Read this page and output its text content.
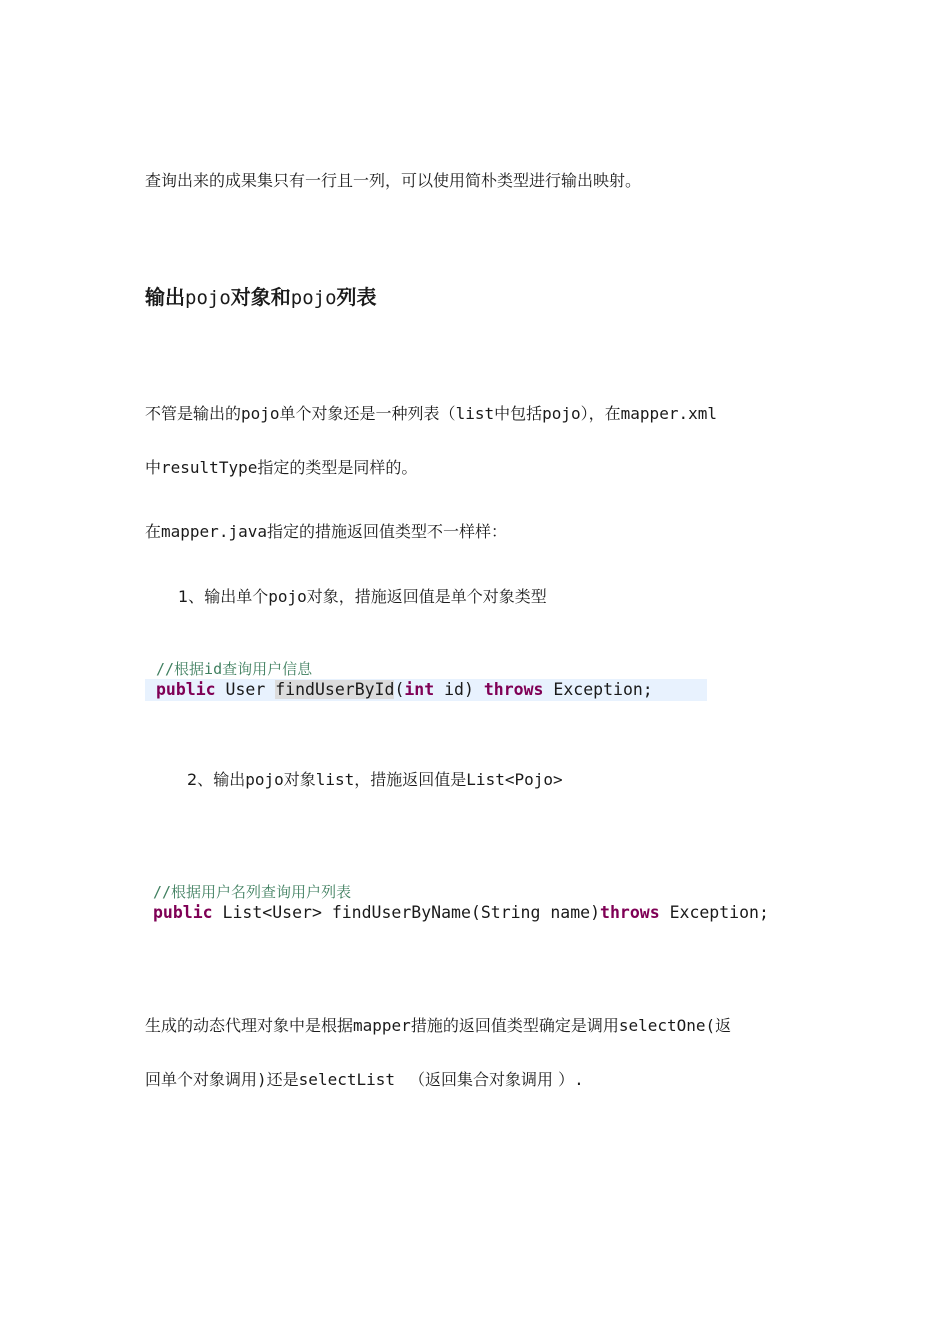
查询出来的成果集只有一行且一列，可以使用简朴类型进行输出映射。
输出pojo对象和pojo列表
不管是输出的pojo单个对象还是一种列表（list中包括pojo），在mapper.xml
中resultType指定的类型是同样的。
在mapper.java指定的措施返回值类型不一样样：
1、输出单个pojo对象，措施返回值是单个对象类型
//根据id查询用户信息
public User findUserById(int id) throws Exception;
2、输出pojo对象list，措施返回值是List<Pojo>
//根据用户名列查询用户列表
public List<User> findUserByName(String name)throws Exception;
生成的动态代理对象中是根据mapper措施的返回值类型确定是调用selectOne(返
回单个对象调用)还是selectList （返回集合对象调用 ）.
